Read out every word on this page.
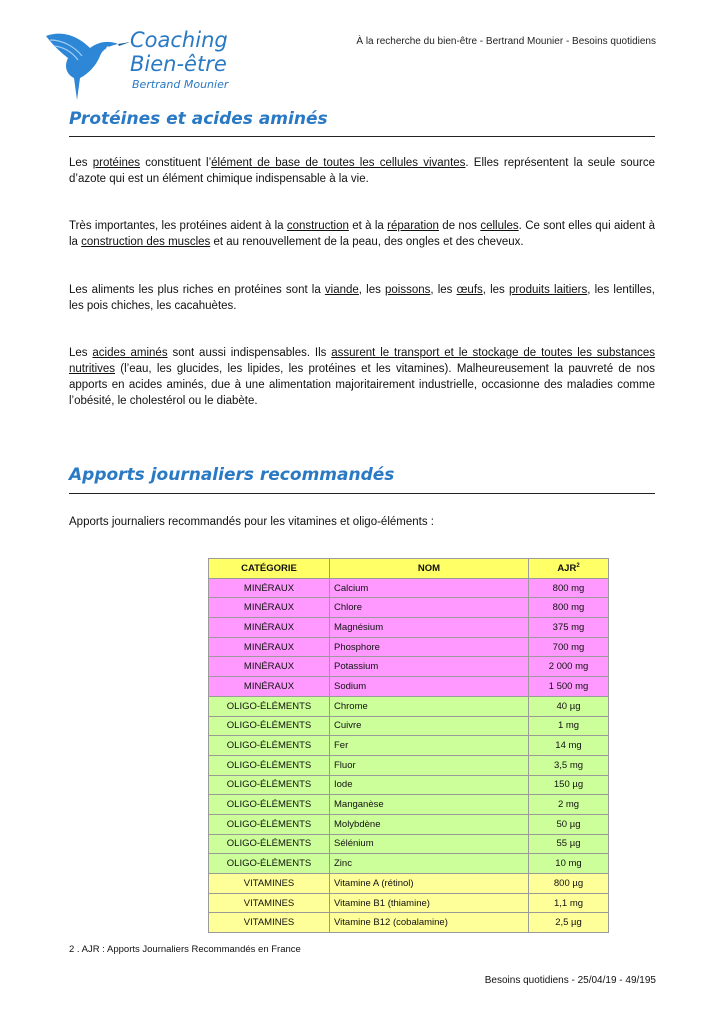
Coaching
Bien-être
Bertrand Mounier
À la recherche du bien-être - Bertrand Mounier - Besoins quotidiens
Protéines et acides aminés

Les protéines constituent l’élément de base de toutes les cellules vivantes. Elles représentent la seule source d’azote qui est un élément chimique indispensable à la vie.

Très importantes, les protéines aident à la construction et à la réparation de nos cellules. Ce sont elles qui aident à la construction des muscles et au renouvellement de la peau, des ongles et des cheveux.

Les aliments les plus riches en protéines sont la viande, les poissons, les œufs, les produits laitiers, les lentilles, les pois chiches, les cacahuètes.

Les acides aminés sont aussi indispensables. Ils assurent le transport et le stockage de toutes les substances nutritives (l’eau, les glucides, les lipides, les protéines et les vitamines). Malheureusement la pauvreté de nos apports en acides aminés, due à une alimentation majoritairement industrielle, occasionne des maladies comme l’obésité, le cholestérol ou le diabète.

Apports journaliers recommandés

Apports journaliers recommandés pour les vitamines et oligo-éléments :

CATÉGORIE	NOM	AJR$^2$
MINÉRAUX	Calcium	800 mg
MINÉRAUX	Chlore	800 mg
MINÉRAUX	Magnésium	375 mg
MINÉRAUX	Phosphore	700 mg
MINÉRAUX	Potassium	2 000 mg
MINÉRAUX	Sodium	1 500 mg
OLIGO-ÉLÉMENTS	Chrome	40 µg
OLIGO-ÉLÉMENTS	Cuivre	1 mg
OLIGO-ÉLÉMENTS	Fer	14 mg
OLIGO-ÉLÉMENTS	Fluor	3,5 mg
OLIGO-ÉLÉMENTS	Iode	150 µg
OLIGO-ÉLÉMENTS	Manganèse	2 mg
OLIGO-ÉLÉMENTS	Molybdène	50 µg
OLIGO-ÉLÉMENTS	Sélénium	55 µg
OLIGO-ÉLÉMENTS	Zinc	10 mg
VITAMINES	Vitamine A (rétinol)	800 µg
VITAMINES	Vitamine B1 (thiamine)	1,1 mg
VITAMINES	Vitamine B12 (cobalamine)	2,5 µg
2 . AJR : Apports Journaliers Recommandés en France
Besoins quotidiens - 25/04/19 - 49/195
